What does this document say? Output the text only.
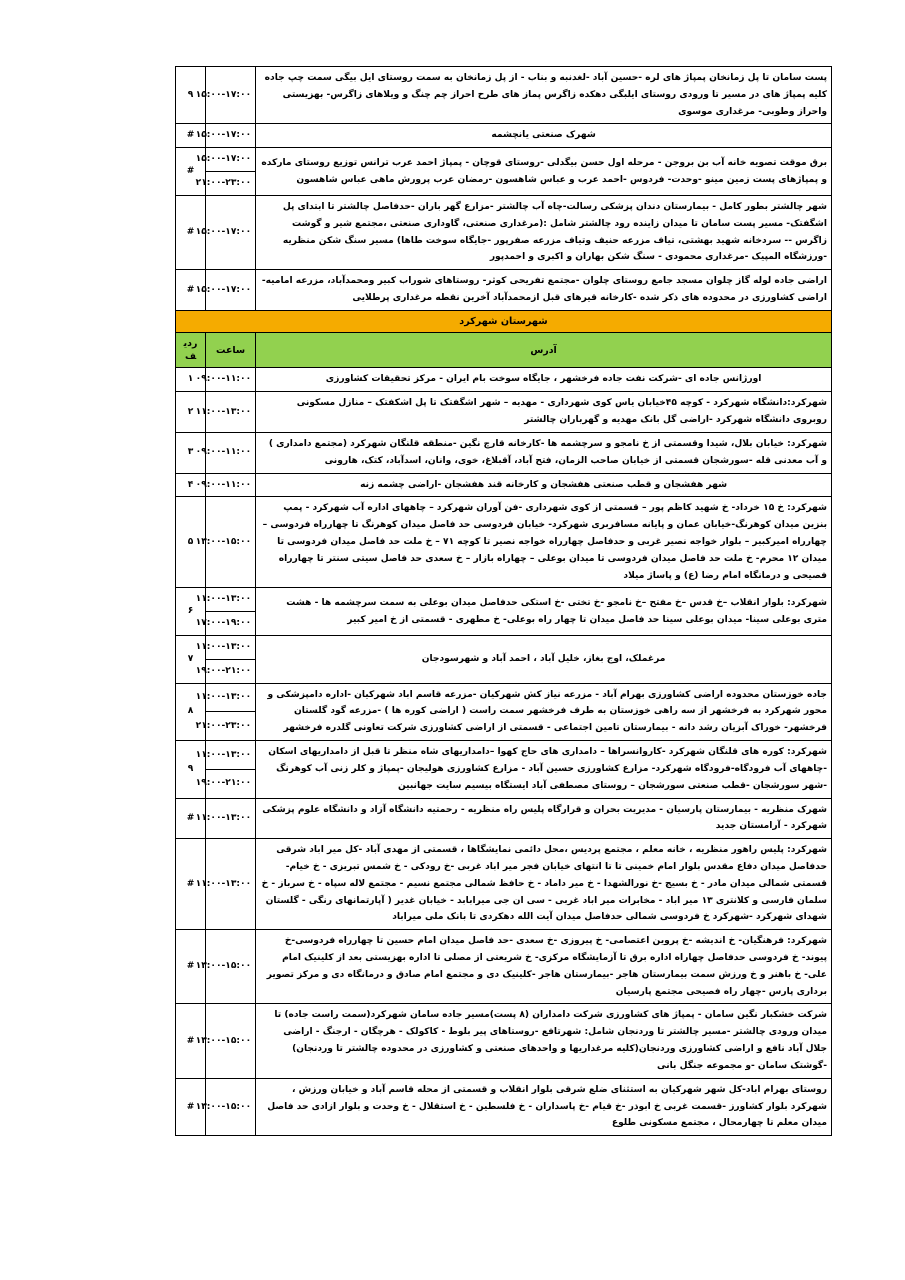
پست سامان تا پل زمانخان پمپاژ های لره -حسین آباد -لغدنبه و بناب - از پل زمانخان به سمت روستای ایل بیگی سمت چپ جاده کلیه پمپاژ های در مسیر تا ورودی روستای ایلبگی دهکده زاگرس پماز های طرح احراز چم چنگ و ویلاهای زاگرس- بهزیستی واحراز وطوبی- مرغداری موسوی	۱۵:۰۰-۱۷:۰۰	۹
شهرک صنعتی یانچشمه	۱۵:۰۰-۱۷:۰۰	#
برق موقت تصویه خانه آب بن بروجن - مرحله اول حسن بیگدلی -روستای قوچان - پمپاژ احمد عرب ترانس توزیع روستای مارکده و پمپاژهای پست زمین مینو -وحدت- فردوس -احمد عرب و عباس شاهسون -رمضان عرب پرورش ماهی عباس شاهسون	۱۵:۰۰-۱۷:۰۰	#
	۲۱:۰۰-۲۳:۰۰	
شهر چالشتر بطور کامل - بیمارستان دندان پزشکی رسالت-چاه آب چالشتر -مزارع گهر باران -حدفاصل چالشتر تا ابتدای پل اشگفتک- مسیر پست سامان تا میدان زاینده رود چالشتر شامل :(مرغداری صنعتی، گاوداری صنعتی ،مجتمع شیر و گوشت زاگرس -- سردخانه شهید بهشتی، تیاف مزرعه حنیف وتیاف مزرعه صفرپور -جایگاه سوخت طاها) مسیر سنگ شکن منظریه -ورزشگاه المپیک -مرغداری محمودی - سنگ شکن بهاران و اکبری و احمدپور	۱۵:۰۰-۱۷:۰۰	#
اراضی جاده لوله گاز چلوان مسجد جامع روستای چلوان -مجتمع تفریحی کوثر- روستاهای شوراب کبیر ومحمدآباد، مزرعه امامیه- اراضی کشاورزی در محدوده های ذکر شده -کارخانه قیرهای قبل ازمحمدآباد آخرین نقطه مرغداری پرطلایی	۱۵:۰۰-۱۷:۰۰	#
شهرستان شهرکرد		
آدرس	ساعت	ردیف
اورژانس جاده ای -شرکت نفت جاده فرخشهر ، جایگاه سوخت بام ایران - مرکز تحقیقات کشاورزی	۰۹:۰۰-۱۱:۰۰	۱
شهرکرد:دانشگاه شهرکرد - کوچه ۴۵خیابان یاس کوی شهرداری - مهدیه – شهر اشگفتک تا پل اشکفتک – منازل مسکونی روبروی دانشگاه شهرکرد -اراضی گل بانک مهدیه و گهرباران چالشتر	۱۱:۰۰-۱۳:۰۰	۲
شهرکرد: خیابان بلال، شیدا وقسمتی از خ نامجو و سرچشمه ها -کارخانه قارچ نگین -منطقه قلنگان شهرکرد (مجتمع دامداری ) و آب معدنی قله -سورشجان قسمتی از خیابان صاحب الزمان، فتح آباد، آقبلاغ، خوی، وانان، اسدآباد، کتک، هارونی	۰۹:۰۰-۱۱:۰۰	۳
شهر هفشجان و قطب صنعتی هفشجان و کارخانه قند هفشجان -اراضی چشمه زنه	۰۹:۰۰-۱۱:۰۰	۴
شهرکرد: خ ۱۵ خرداد- خ شهید کاظم پور – قسمتی از کوی شهرداری -فن آوران شهرکرد – چاههای اداره آب شهرکرد - پمپ بنزین میدان کوهرنگ-خیابان عمان و پایانه مسافربری شهرکرد- خیابان فردوسی حد فاصل میدان کوهرنگ تا چهارراه فردوسی – چهارراه امیرکبیر – بلوار خواجه نصیر غربی و حدفاصل چهارراه خواجه نصیر تا کوچه ۷۱ – خ ملت حد فاصل میدان فردوسی تا میدان ۱۲ محرم- خ ملت حد فاصل میدان فردوسی تا میدان بوعلی – چهاراه بازار – خ سعدی حد فاصل سیتی سنتر تا چهارراه فصیحی و درمانگاه امام رضا (ع) و پاساژ میلاد	۱۳:۰۰-۱۵:۰۰	۵
شهرکرد: بلوار انقلاب –خ قدس –خ مفتح –خ نامجو -خ تختی -خ استکی حدفاصل میدان بوعلی به سمت سرچشمه ها - هشت متری بوعلی سینا- میدان بوعلی سینا حد فاصل میدان تا چهار راه بوعلی- خ مطهری - قسمتی از خ امیر کبیر	۱۱:۰۰-۱۳:۰۰	۶
	۱۷:۰۰-۱۹:۰۰	
مرغملک، اوج بغاز، خلیل آباد ، احمد آباد و شهرسودجان	۱۱:۰۰-۱۳:۰۰	۷
	۱۹:۰۰-۲۱:۰۰	
جاده خوزستان محدوده اراضی کشاورزی بهرام آباد - مزرعه نیاز کش شهرکیان -مزرعه قاسم اباد شهرکیان -اداره دامپزشکی و محور شهرکرد به فرخشهر از سه راهی خوزستان به طرف فرخشهر سمت راست ( اراضی کوره ها ) -مزرعه گود گلستان فرخشهر- خوراک آبزیان رشد دانه - بیمارستان تامین اجتماعی - قسمتی از اراضی کشاورزی شرکت تعاونی گلدره فرخشهر	۱۱:۰۰-۱۳:۰۰	۸
	۲۱:۰۰-۲۳:۰۰	
شهرکرد: کوره های قلنگان شهرکرد -کاروانسراها – دامداری های حاج کهوا –دامداریهای شاه منظر تا قبل از دامداریهای اسکان -چاههای آب فرودگاه-فرودگاه شهرکرد- مزارع کشاورزی حسین آباد - مزارع کشاورزی هولیجان -پمپاژ و کلر زنی آب کوهرنگ -شهر سورشجان -قطب صنعتی سورشجان – روستای مصطفی آباد ایستگاه بیسیم سایت جهانبین	۱۱:۰۰-۱۳:۰۰	۹
	۱۹:۰۰-۲۱:۰۰	
شهرک منظریه - بیمارستان پارسیان - مدیریت بحران و قرارگاه پلیس راه منظریه - رحمتیه دانشگاه آزاد و دانشگاه علوم پزشکی شهرکرد - آرامستان جدید	۱۱:۰۰-۱۳:۰۰	#
شهرکرد: پلیس راهور منظریه ، خانه معلم ، مجتمع پردیس ،محل دائمی نمایشگاها ، قسمتی از مهدی آباد -کل میر اباد شرقی حدفاصل میدان دفاع مقدس بلوار امام خمینی تا تا انتهای خیابان فجر میر اباد غربی -خ رودکی - خ شمس تبریزی - خ خیام- قسمتی شمالی میدان مادر - خ بسیج -خ نورالشهدا - خ میر داماد - خ حافظ شمالی مجتمع نسیم - مجتمع لاله سپاه - خ سرباز - خ سلمان فارسی و کلانتری ۱۳ میر اباد - مخابرات میر اباد غربی - سی ان جی میرابابد - خیابان غدیر ( آپارتمانهای رنگی - گلستان شهدای شهرکرد -شهرکرد خ فردوسی شمالی حدفاصل میدان آیت الله دهکردی تا بانک ملی میراباد	۱۱:۰۰-۱۳:۰۰	#
شهرکرد: فرهنگیان- خ اندیشه -خ پروین اعتصامی- خ پیروزی -خ سعدی -حد فاصل میدان امام حسین تا چهارراه فردوسی-خ پیوند- خ فردوسی حدفاصل چهاراه اداره برق تا آزمایشگاه مرکزی- خ شریعتی از مصلی تا اداره بهزیستی بعد از کلینیک امام علی- خ باهنر و خ ورزش سمت بیمارستان هاجر -بیمارستان هاجر -کلینیک دی و مجتمع امام صادق و درمانگاه دی و مرکز تصویر برداری پارس -چهار راه فصیحی مجتمع پارسیان	۱۳:۰۰-۱۵:۰۰	#
شرکت خشکبار نگین سامان - پمپاژ های کشاورزی شرکت دامداران (۸ پست)مسیر جاده سامان شهرکرد(سمت راست جاده) تا میدان ورودی چالشتر -مسیر چالشتر تا وردنجان شامل: شهرتافع -روستاهای پیر بلوط - کاکولک - هرچگان - ارجنگ - اراضی جلال آباد نافع و اراضی کشاورزی وردنجان(کلیه مرغداریها و واحدهای صنعتی و کشاورزی در محدوده چالشتر تا وردنجان) -گوشتک سامان -و مجموعه جنگل بانی	۱۳:۰۰-۱۵:۰۰	#
روستای بهرام اباد-کل شهر شهرکیان به استثنای ضلع شرقی بلوار انقلاب و قسمتی از محله قاسم آباد و خیابان ورزش ، شهرکرد بلوار کشاورز -قسمت غربی خ ابوذر -خ قیام -خ پاسداران - خ فلسطین - خ استقلال - خ وحدت و بلوار ازادی حد فاصل میدان معلم تا چهارمحال ، مجتمع مسکونی طلوع	۱۳:۰۰-۱۵:۰۰	#
